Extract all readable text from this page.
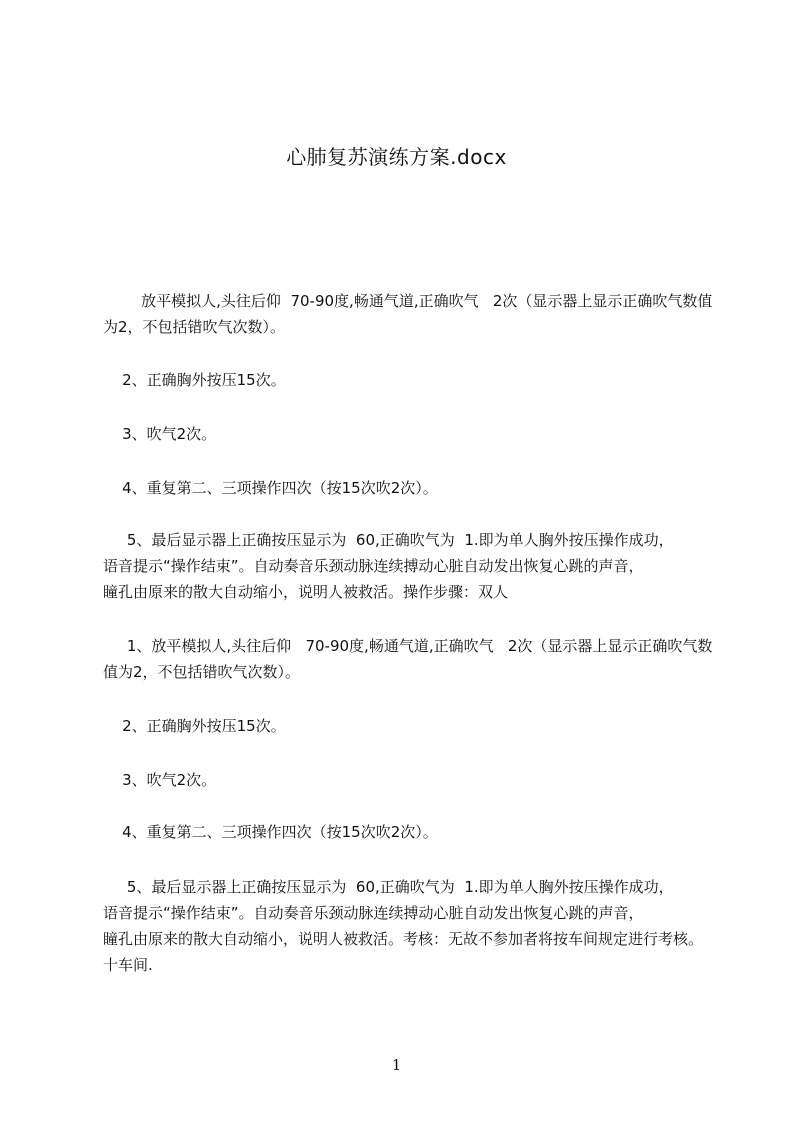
心肺复苏演练方案.docx
放平模拟人,头往后仰  70-90度,畅通气道,正确吹气   2次（显示器上显示正确吹气数值为2，不包括错吹气次数）。
2、正确胸外按压15次。
3、吹气2次。
4、重复第二、三项操作四次（按15次吹2次）。
5、最后显示器上正确按压显示为  60,正确吹气为  1.即为单人胸外按压操作成功，
语音提示“操作结束”。自动奏音乐颈动脉连续搏动心脏自动发出恢复心跳的声音，
瞳孔由原来的散大自动缩小，说明人被救活。操作步骤：双人
1、放平模拟人,头往后仰   70-90度,畅通气道,正确吹气   2次（显示器上显示正确吹气数值为2，不包括错吹气次数）。
2、正确胸外按压15次。
3、吹气2次。
4、重复第二、三项操作四次（按15次吹2次）。
5、最后显示器上正确按压显示为  60,正确吹气为  1.即为单人胸外按压操作成功，
语音提示“操作结束”。自动奏音乐颈动脉连续搏动心脏自动发出恢复心跳的声音，
瞳孔由原来的散大自动缩小，说明人被救活。考核：无故不参加者将按车间规定进行考核。十车间.
1
